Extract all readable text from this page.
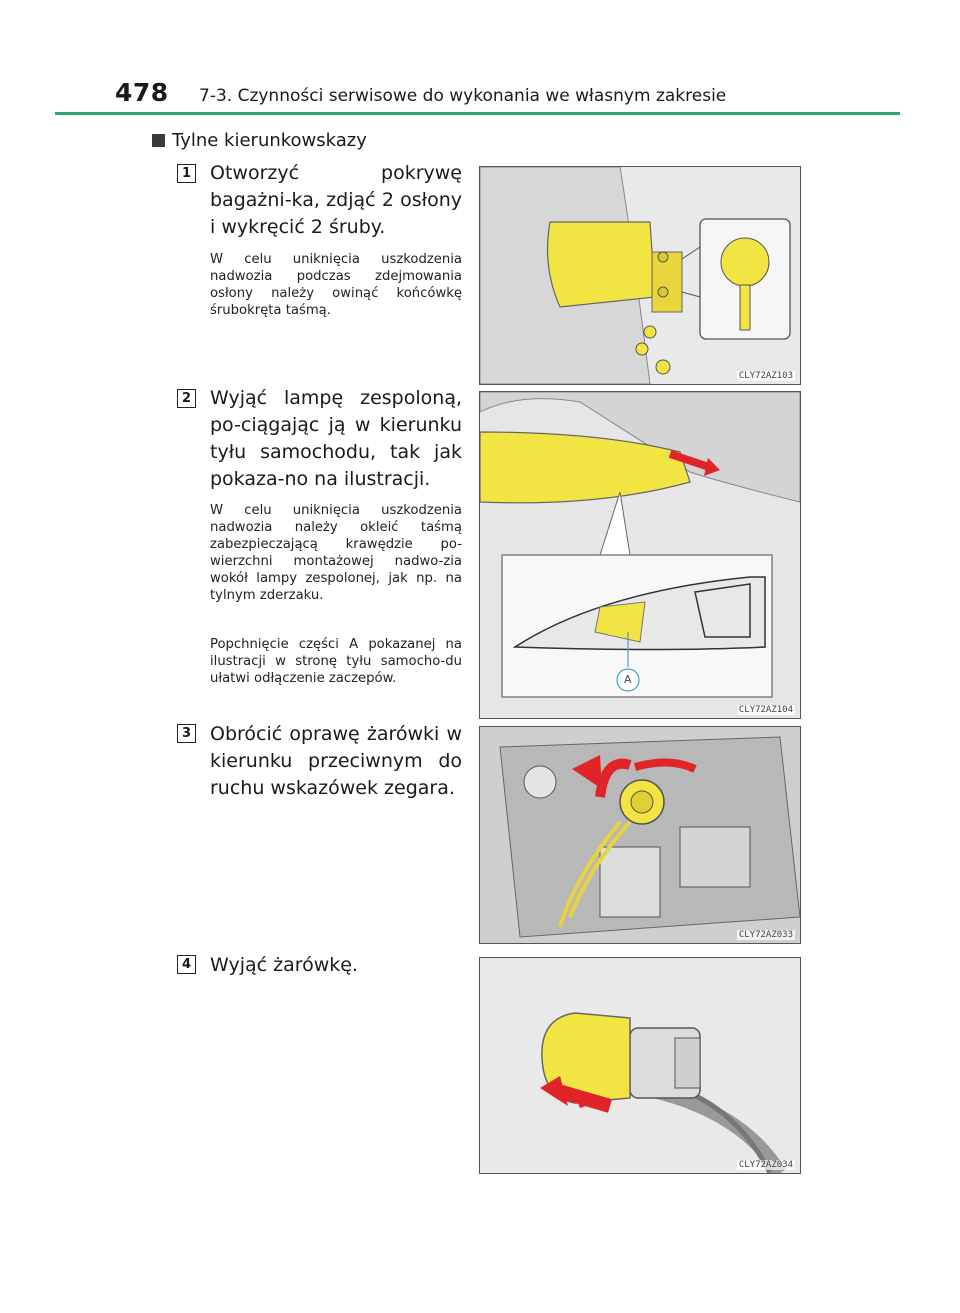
478 7-3. Czynności serwisowe do wykonania we własnym zakresie
Tylne kierunkowskazy
1 Otworzyć pokrywę bagażni-ka, zdjąć 2 osłony i wykręcić 2 śruby.
W celu uniknięcia uszkodzenia nadwozia podczas zdejmowania osłony należy owinąć końcówkę śrubokręta taśmą.
CLY72AZ103
2 Wyjąć lampę zespoloną, po-ciągając ją w kierunku tyłu samochodu, tak jak pokaza-no na ilustracji.
W celu uniknięcia uszkodzenia nadwozia należy okleić taśmą zabezpieczającą krawędzie po-wierzchni montażowej nadwo-zia wokół lampy zespolonej, jak np. na tylnym zderzaku.
Popchnięcie części A pokazanej na ilustracji w stronę tyłu samocho-du ułatwi odłączenie zaczepów.	A
CLY72AZ104
3 Obrócić oprawę żarówki w kierunku przeciwnym do ruchu wskazówek zegara.
CLY72AZ033
4 Wyjąć żarówkę.
CLY72AZ034
